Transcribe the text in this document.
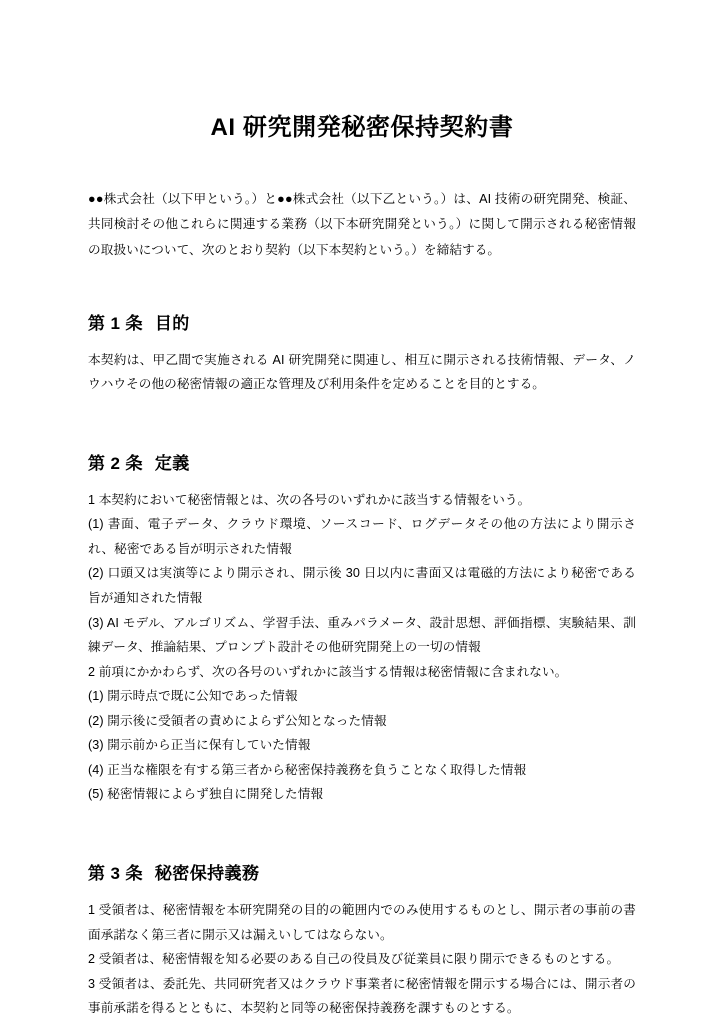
AI 研究開発秘密保持契約書

●●株式会社（以下甲という。）と●●株式会社（以下乙という。）は、AI 技術の研究開発、検証、共同検討その他これらに関連する業務（以下本研究開発という。）に関して開示される秘密情報の取扱いについて、次のとおり契約（以下本契約という。）を締結する。

第 1 条 目的

本契約は、甲乙間で実施される AI 研究開発に関連し、相互に開示される技術情報、データ、ノウハウその他の秘密情報の適正な管理及び利用条件を定めることを目的とする。

第 2 条 定義

1 本契約において秘密情報とは、次の各号のいずれかに該当する情報をいう。

(1) 書面、電子データ、クラウド環境、ソースコード、ログデータその他の方法により開示され、秘密である旨が明示された情報

(2) 口頭又は実演等により開示され、開示後 30 日以内に書面又は電磁的方法により秘密である旨が通知された情報

(3) AI モデル、アルゴリズム、学習手法、重みパラメータ、設計思想、評価指標、実験結果、訓練データ、推論結果、プロンプト設計その他研究開発上の一切の情報

2 前項にかかわらず、次の各号のいずれかに該当する情報は秘密情報に含まれない。

(1) 開示時点で既に公知であった情報

(2) 開示後に受領者の責めによらず公知となった情報

(3) 開示前から正当に保有していた情報

(4) 正当な権限を有する第三者から秘密保持義務を負うことなく取得した情報

(5) 秘密情報によらず独自に開発した情報

第 3 条 秘密保持義務

1 受領者は、秘密情報を本研究開発の目的の範囲内でのみ使用するものとし、開示者の事前の書面承諾なく第三者に開示又は漏えいしてはならない。

2 受領者は、秘密情報を知る必要のある自己の役員及び従業員に限り開示できるものとする。

3 受領者は、委託先、共同研究者又はクラウド事業者に秘密情報を開示する場合には、開示者の事前承諾を得るとともに、本契約と同等の秘密保持義務を課すものとする。
